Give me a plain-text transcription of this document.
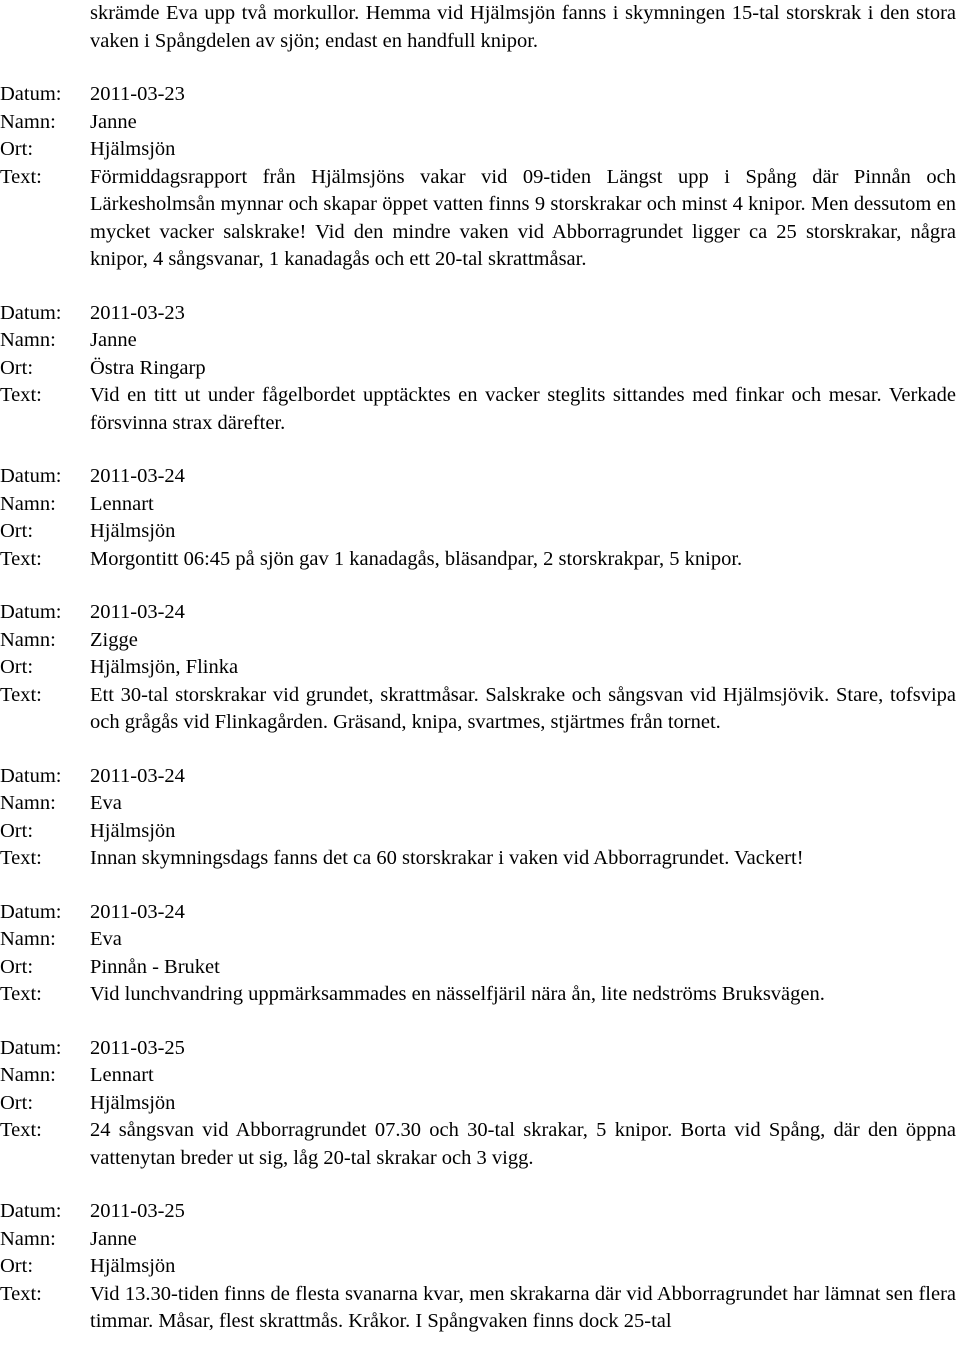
skrämde Eva upp två morkullor. Hemma vid Hjälmsjön fanns i skymningen 15-tal storskrak i den stora vaken i Spångdelen av sjön; endast en handfull knipor.
Datum:	2011-03-23
Namn:	Janne
Ort:	Hjälmsjön
Text:	Förmiddagsrapport från Hjälmsjöns vakar vid 09-tiden Längst upp i Spång där Pinnån och Lärkesholmsån mynnar och skapar öppet vatten finns 9 storskrakar och minst 4 knipor. Men dessutom en mycket vacker salskrake! Vid den mindre vaken vid Abborragrundet ligger ca 25 storskrakar, några knipor, 4 sångsvanar, 1 kanadagås och ett 20-tal skrattmåsar.
Datum:	2011-03-23
Namn:	Janne
Ort:	Östra Ringarp
Text:	Vid en titt ut under fågelbordet upptäcktes en vacker steglits sittandes med finkar och mesar. Verkade försvinna strax därefter.
Datum:	2011-03-24
Namn:	Lennart
Ort:	Hjälmsjön
Text:	Morgontitt 06:45 på sjön gav 1 kanadagås, bläsandpar, 2 storskrakpar, 5 knipor.
Datum:	2011-03-24
Namn:	Zigge
Ort:	Hjälmsjön, Flinka
Text:	Ett 30-tal storskrakar vid grundet, skrattmåsar. Salskrake och sångsvan vid Hjälmsjövik. Stare, tofsvipa och grågås vid Flinkagården. Gräsand, knipa, svartmes, stjärtmes från tornet.
Datum:	2011-03-24
Namn:	Eva
Ort:	Hjälmsjön
Text:	Innan skymningsdags fanns det ca 60 storskrakar i vaken vid Abborragrundet. Vackert!
Datum:	2011-03-24
Namn:	Eva
Ort:	Pinnån - Bruket
Text:	Vid lunchvandring uppmärksammades en nässelfjäril nära ån, lite nedströms Bruksvägen.
Datum:	2011-03-25
Namn:	Lennart
Ort:	Hjälmsjön
Text:	24 sångsvan vid Abborragrundet 07.30 och 30-tal skrakar, 5 knipor. Borta vid Spång, där den öppna vattenytan breder ut sig, låg 20-tal skrakar och 3 vigg.
Datum:	2011-03-25
Namn:	Janne
Ort:	Hjälmsjön
Text:	Vid 13.30-tiden finns de flesta svanarna kvar, men skrakarna där vid Abborragrundet har lämnat sen flera timmar. Måsar, flest skrattmås. Kråkor. I Spångvaken finns dock 25-tal
